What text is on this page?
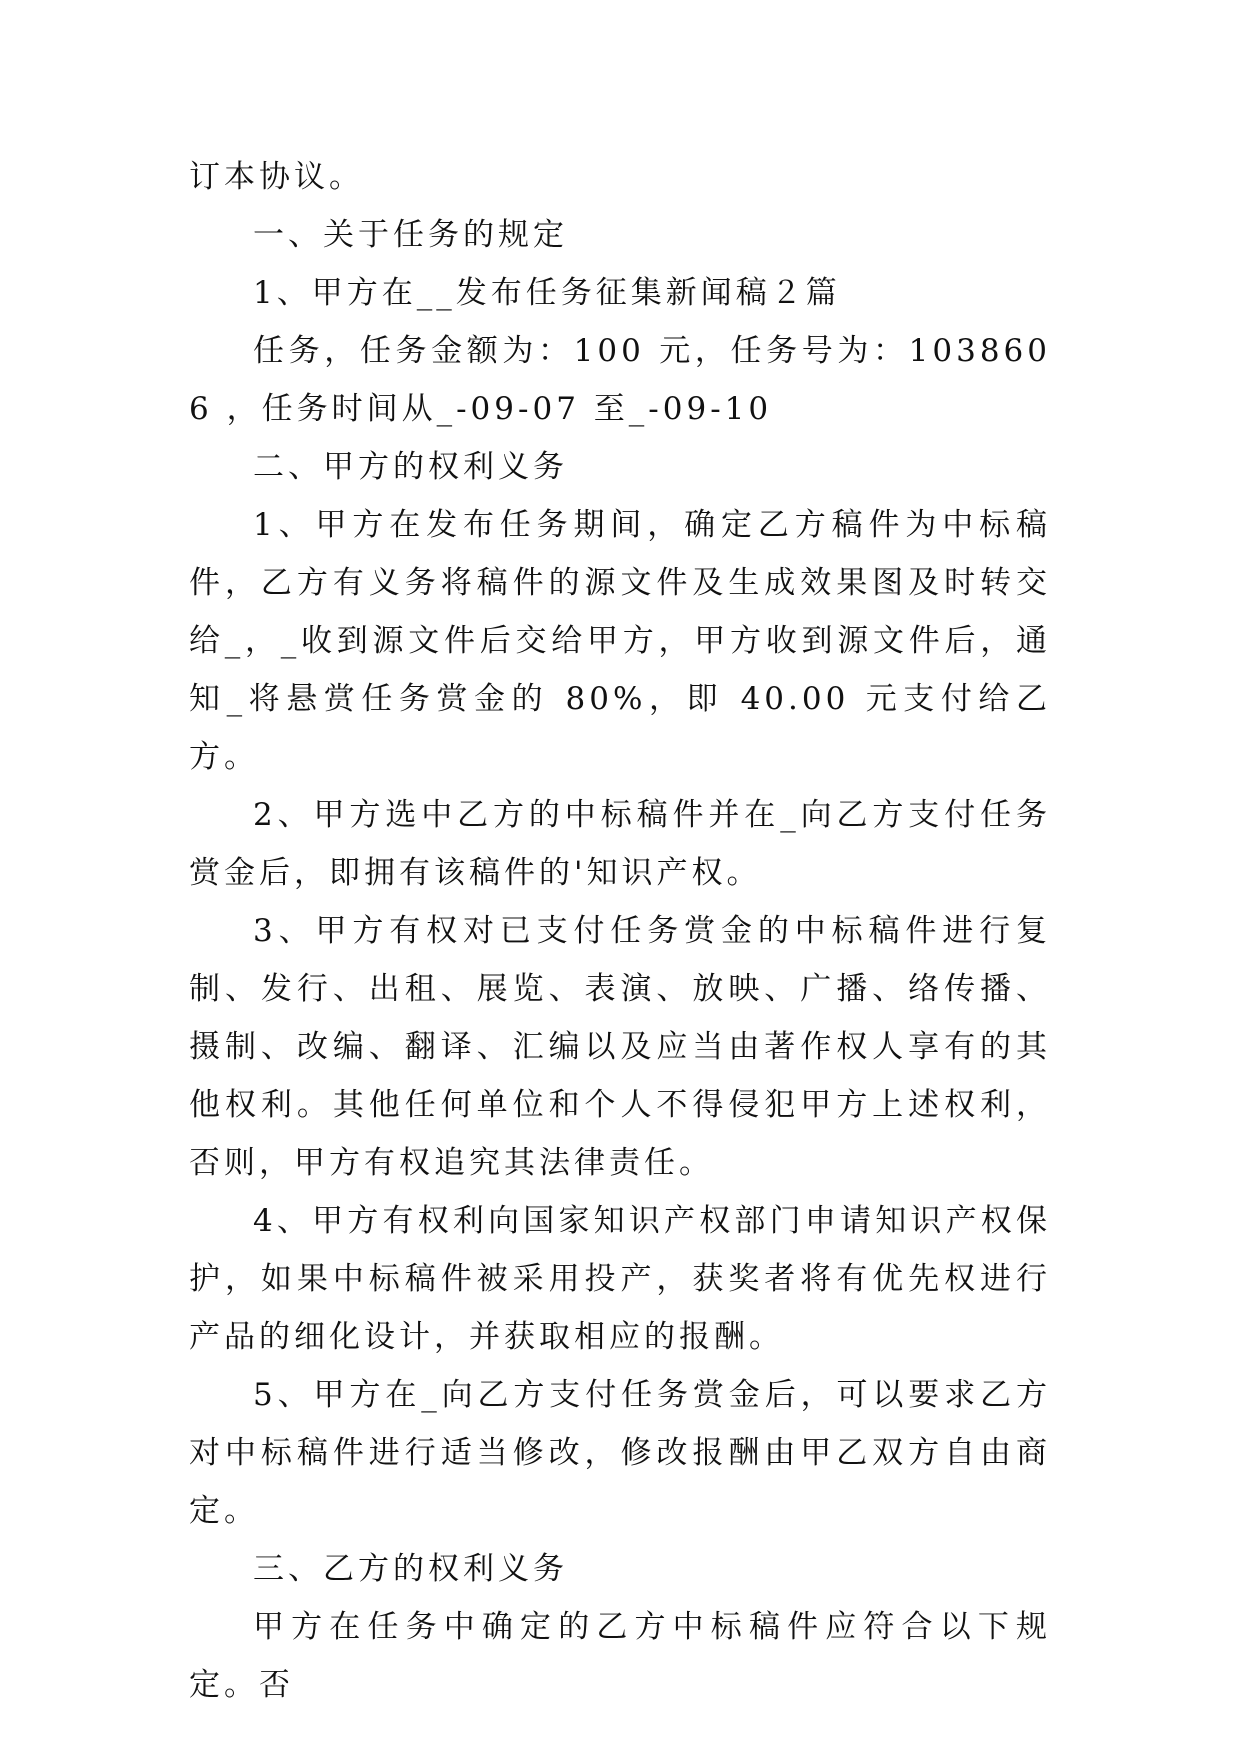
订本协议。

一、关于任务的规定

1、甲方在__发布任务征集新闻稿２篇

任务，任务金额为：100 元，任务号为：1038606 ，任务时间从_-09-07 至_-09-10

二、甲方的权利义务

1、甲方在发布任务期间，确定乙方稿件为中标稿件，乙方有义务将稿件的源文件及生成效果图及时转交给_，_收到源文件后交给甲方，甲方收到源文件后，通知_将悬赏任务赏金的 80%，即 40.00 元支付给乙方。

2、甲方选中乙方的中标稿件并在_向乙方支付任务赏金后，即拥有该稿件的'知识产权。

3、甲方有权对已支付任务赏金的中标稿件进行复制、发行、出租、展览、表演、放映、广播、络传播、摄制、改编、翻译、汇编以及应当由著作权人享有的其他权利。其他任何单位和个人不得侵犯甲方上述权利，否则，甲方有权追究其法律责任。

4、甲方有权利向国家知识产权部门申请知识产权保护，如果中标稿件被采用投产，获奖者将有优先权进行产品的细化设计，并获取相应的报酬。

5、甲方在_向乙方支付任务赏金后，可以要求乙方对中标稿件进行适当修改，修改报酬由甲乙双方自由商定。

三、乙方的权利义务

甲方在任务中确定的乙方中标稿件应符合以下规定。否
